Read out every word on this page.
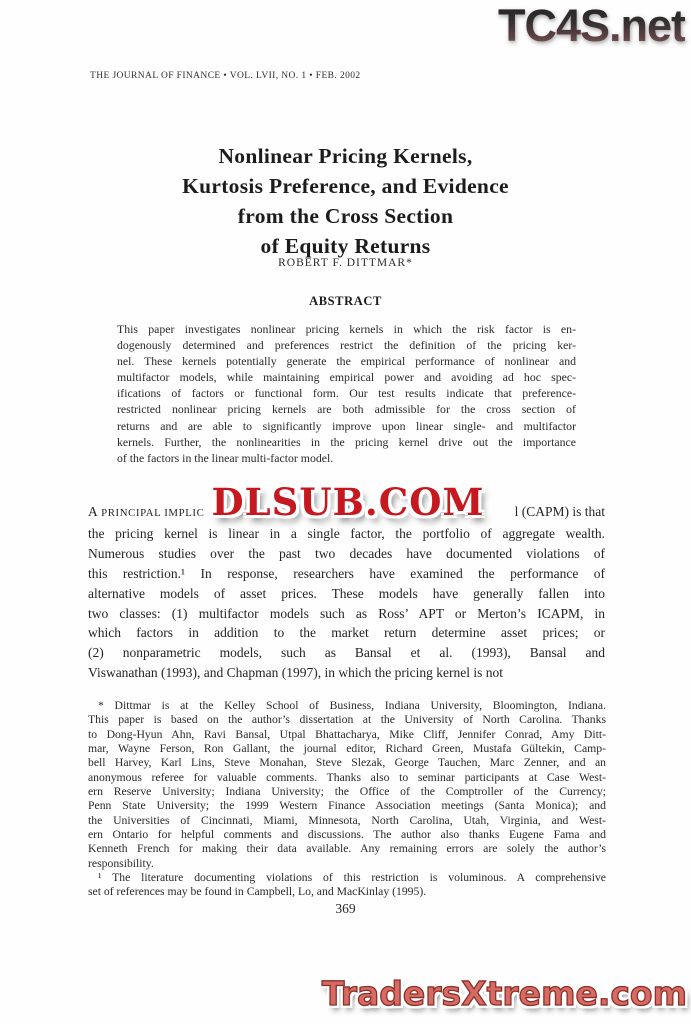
TC4S.net
THE JOURNAL OF FINANCE • VOL. LVII, NO. 1 • FEB. 2002
Nonlinear Pricing Kernels,
Kurtosis Preference, and Evidence
from the Cross Section
of Equity Returns
ROBERT F. DITTMAR*
ABSTRACT
This paper investigates nonlinear pricing kernels in which the risk factor is en-
dogenously determined and preferences restrict the definition of the pricing ker-
nel. These kernels potentially generate the empirical performance of nonlinear and
multifactor models, while maintaining empirical power and avoiding ad hoc spec-
ifications of factors or functional form. Our test results indicate that preference-
restricted nonlinear pricing kernels are both admissible for the cross section of
returns and are able to significantly improve upon linear single- and multifactor
kernels. Further, the nonlinearities in the pricing kernel drive out the importance
of the factors in the linear multi-factor model.
A PRINCIPAL IMPLIC	l (CAPM) is that
the pricing kernel is linear in a single factor, the portfolio of aggregate wealth.
Numerous studies over the past two decades have documented violations of
this restriction.¹ In response, researchers have examined the performance of
alternative models of asset prices. These models have generally fallen into
two classes: (1) multifactor models such as Ross’ APT or Merton’s ICAPM, in
which factors in addition to the market return determine asset prices; or
(2) nonparametric models, such as Bansal et al. (1993), Bansal and
Viswanathan (1993), and Chapman (1997), in which the pricing kernel is not
DLSUB.COM
* Dittmar is at the Kelley School of Business, Indiana University, Bloomington, Indiana.
This paper is based on the author’s dissertation at the University of North Carolina. Thanks
to Dong-Hyun Ahn, Ravi Bansal, Utpal Bhattacharya, Mike Cliff, Jennifer Conrad, Amy Ditt-
mar, Wayne Ferson, Ron Gallant, the journal editor, Richard Green, Mustafa Gültekin, Camp-
bell Harvey, Karl Lins, Steve Monahan, Steve Slezak, George Tauchen, Marc Zenner, and an
anonymous referee for valuable comments. Thanks also to seminar participants at Case West-
ern Reserve University; Indiana University; the Office of the Comptroller of the Currency;
Penn State University; the 1999 Western Finance Association meetings (Santa Monica); and
the Universities of Cincinnati, Miami, Minnesota, North Carolina, Utah, Virginia, and West-
ern Ontario for helpful comments and discussions. The author also thanks Eugene Fama and
Kenneth French for making their data available. Any remaining errors are solely the author’s
responsibility.
¹ The literature documenting violations of this restriction is voluminous. A comprehensive
set of references may be found in Campbell, Lo, and MacKinlay (1995).
369
TradersXtreme.com
